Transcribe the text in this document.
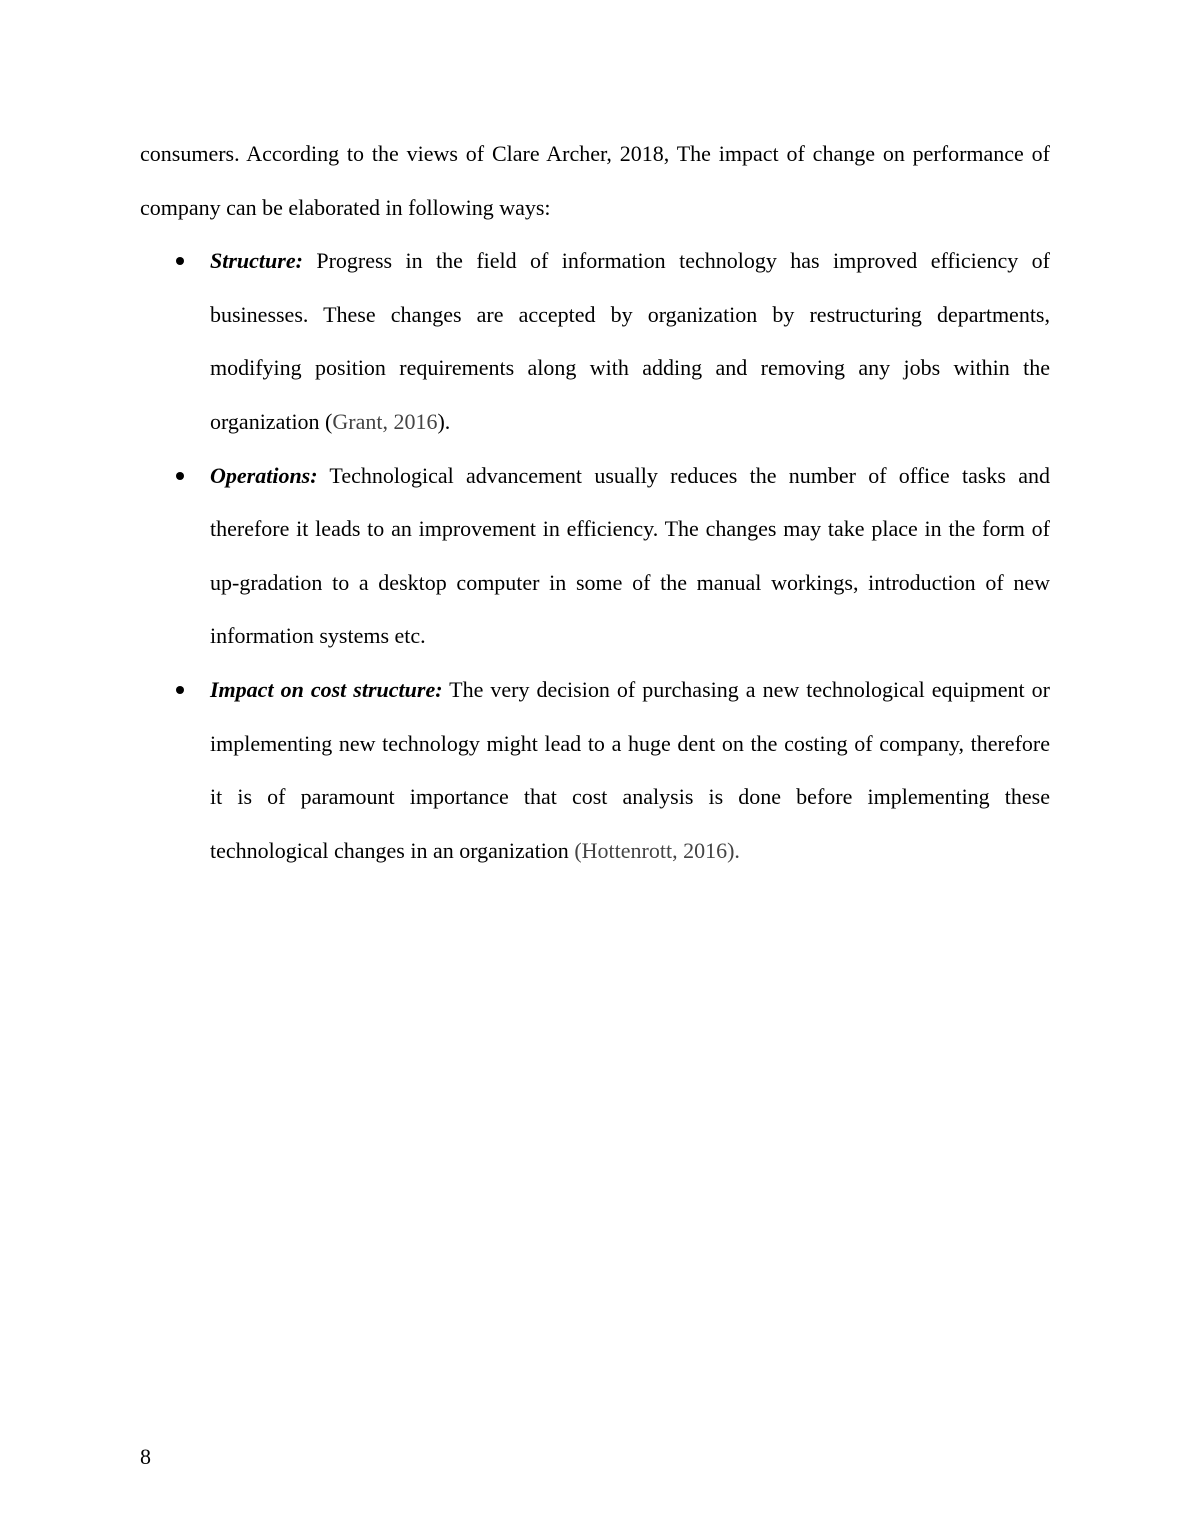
consumers. According to the views of Clare Archer, 2018, The impact of change on performance of company can be elaborated in following ways:

Structure: Progress in the field of information technology has improved efficiency of businesses. These changes are accepted by organization by restructuring departments, modifying position requirements along with adding and removing any jobs within the organization (Grant, 2016).
Operations: Technological advancement usually reduces the number of office tasks and therefore it leads to an improvement in efficiency. The changes may take place in the form of up-gradation to a desktop computer in some of the manual workings, introduction of new information systems etc.
Impact on cost structure: The very decision of purchasing a new technological equipment or implementing new technology might lead to a huge dent on the costing of company, therefore it is of paramount importance that cost analysis is done before implementing these technological changes in an organization (Hottenrott, 2016).
8
